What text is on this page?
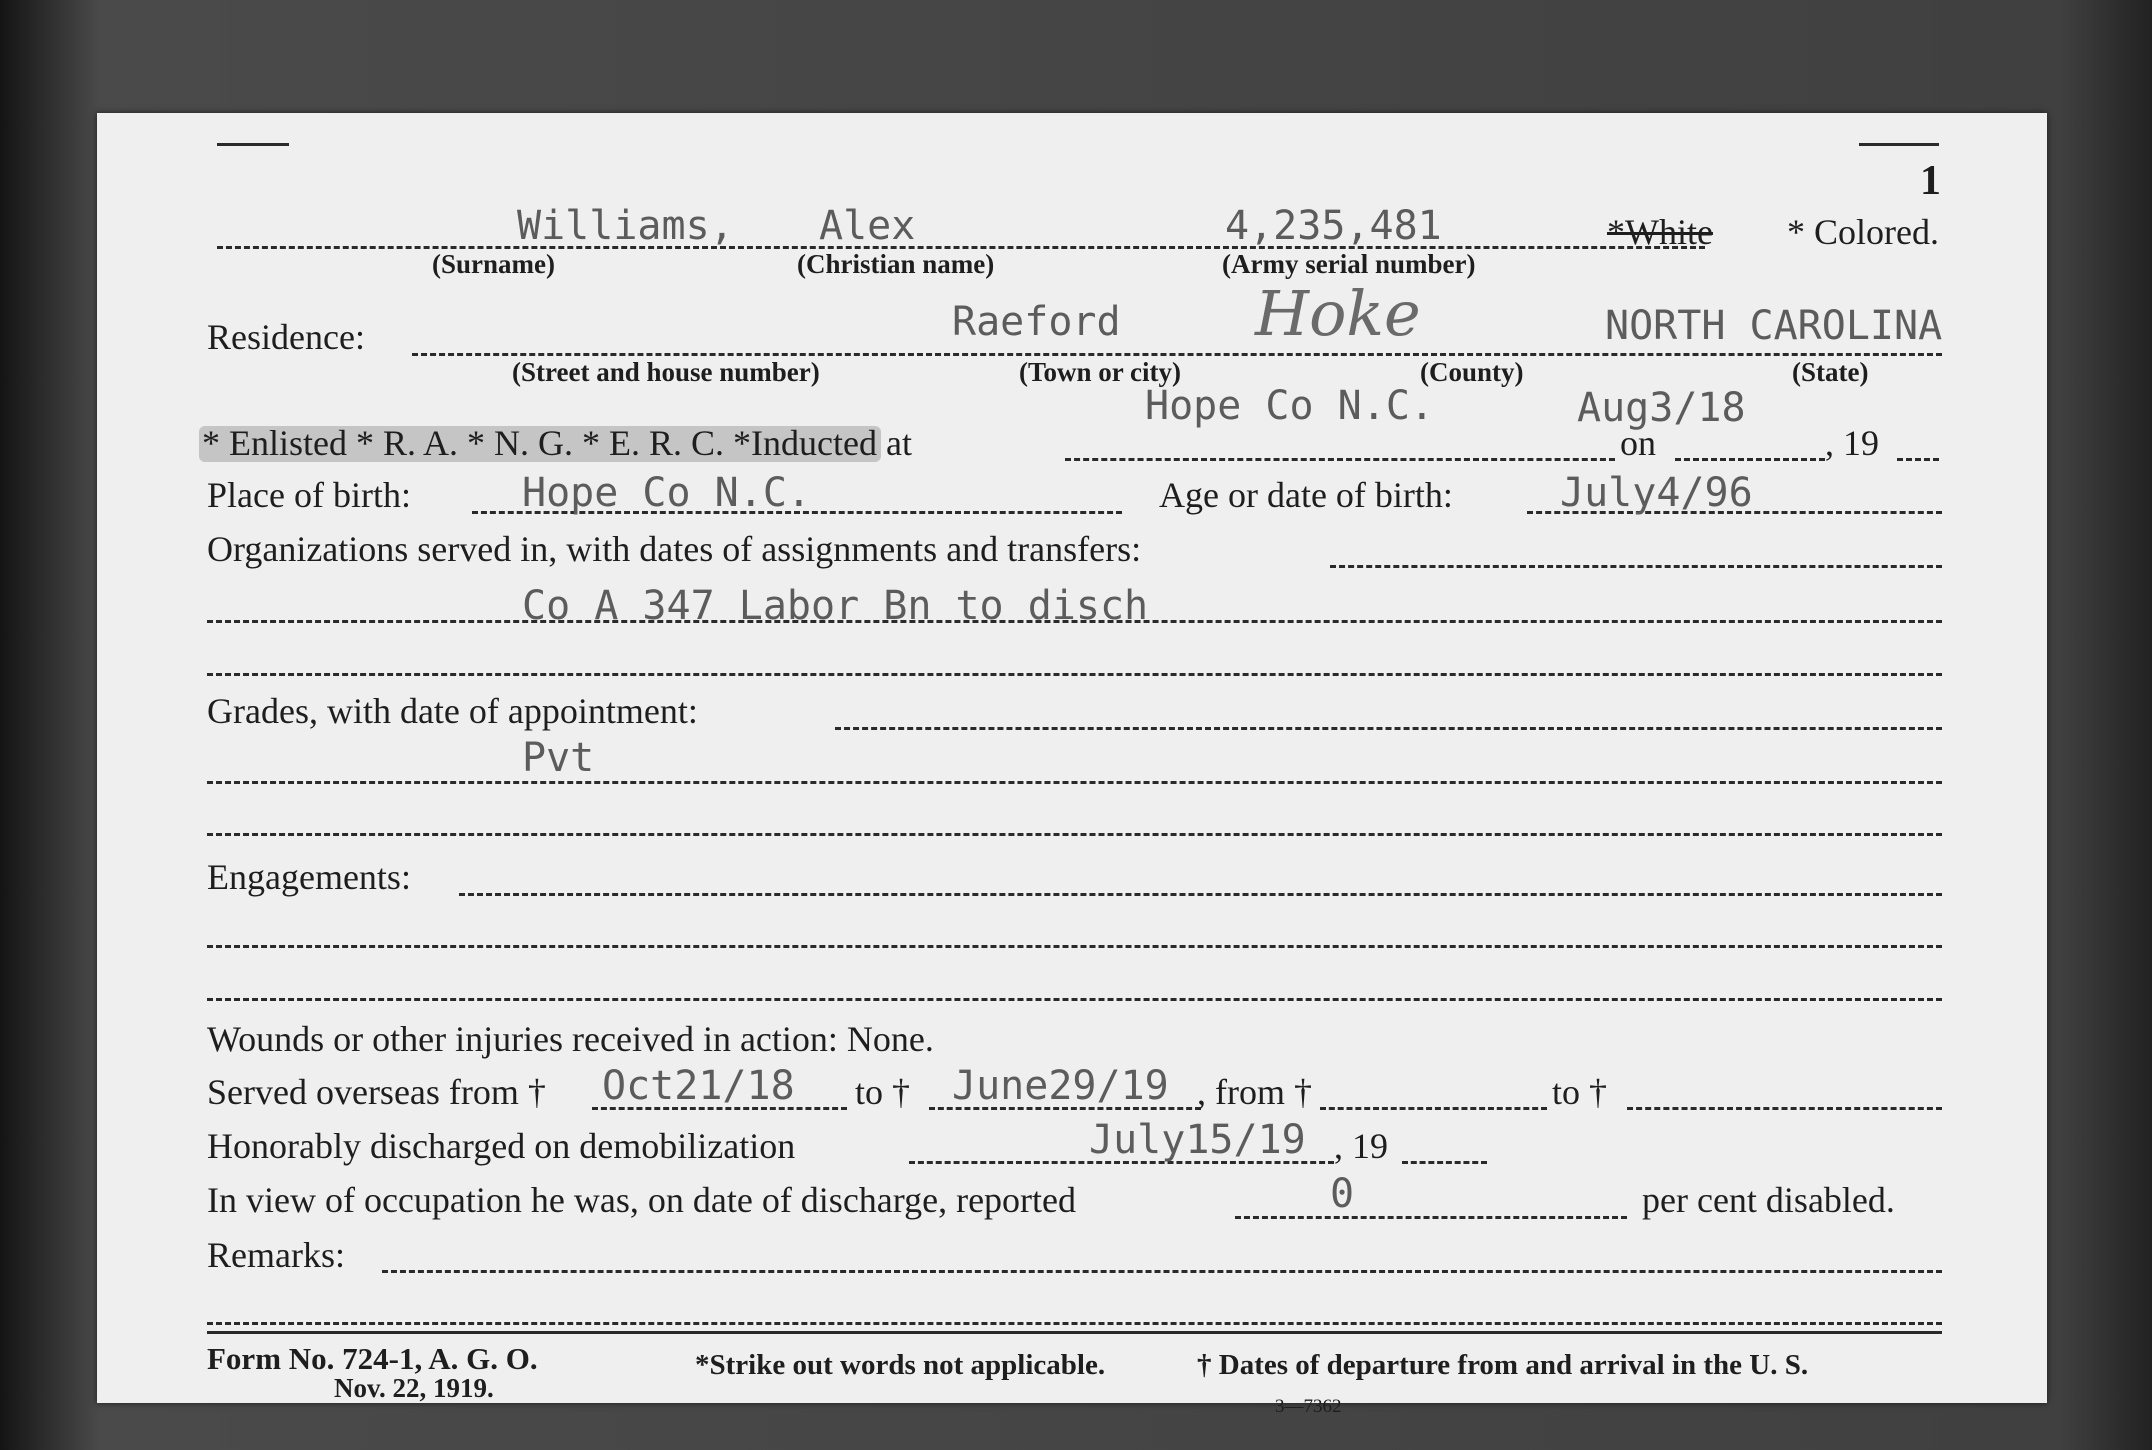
1
Williams, Alex	4,235,481	*White * Colored.
(Surname)	(Christian name)	(Army serial number)
Residence:	Raeford Hoke	NORTH CAROLINA
(Street and house number)	(Town or city)	(County)	(State)
Hope Co N.C.	Aug3/18
* Enlisted * R. A. * N. G. * E. R. C. *Inducted at	on	, 19
Place of birth:	Hope Co N.C.	Age or date of birth:	July4/96
Organizations served in, with dates of assignments and transfers:
Co A 347 Labor Bn to disch
Grades, with date of appointment:
Pvt
Engagements:
Wounds or other injuries received in action: None.
Served overseas from † Oct21/18 to † June29/19 , from †	to †
Honorably discharged on demobilization	July15/19 , 19
In view of occupation he was, on date of discharge, reported	0	per cent disabled.
Remarks:
Form No. 724-1, A. G. O.
Nov. 22, 1919.
*Strike out words not applicable.	† Dates of departure from and arrival in the U. S.
3—7362
